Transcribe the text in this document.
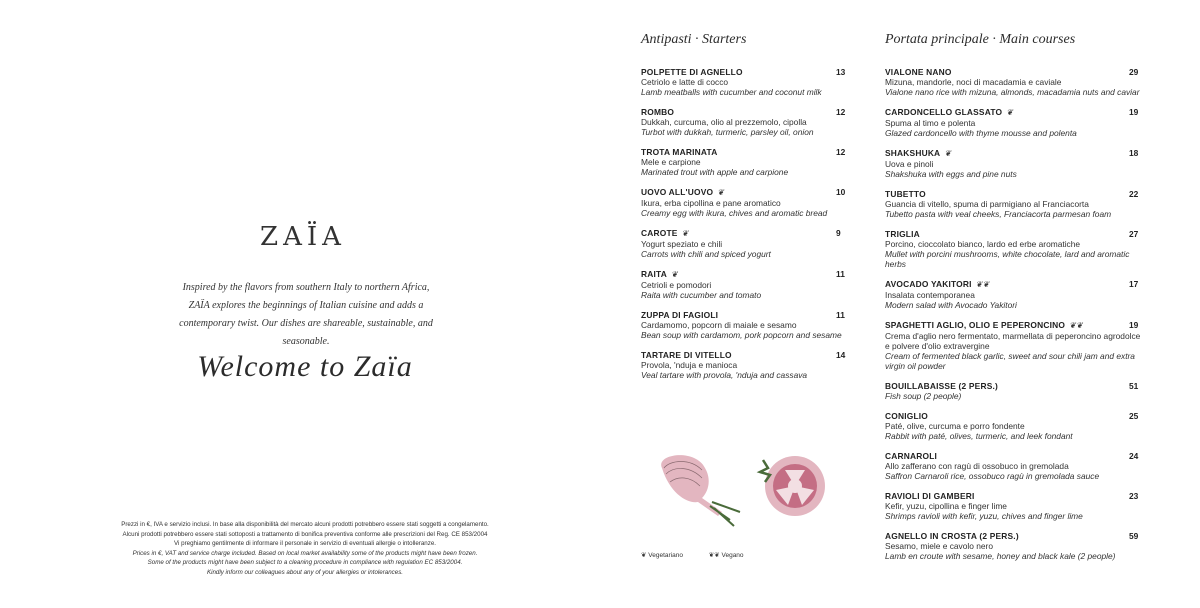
ZAÏA
Inspired by the flavors from southern Italy to northern Africa, ZAÏA explores the beginnings of Italian cuisine and adds a contemporary twist. Our dishes are shareable, sustainable, and seasonable.
Welcome to Zaïa
Prezzi in €, IVA e servizio inclusi. In base alla disponibilità del mercato alcuni prodotti potrebbero essere stati soggetti a congelamento.
Alcuni prodotti potrebbero essere stati sottoposti a trattamento di bonifica preventiva conforme alle prescrizioni del Reg. CE 853/2004
Vi preghiamo gentilmente di informare il personale in servizio di eventuali allergie o intolleranze.
Prices in €, VAT and service charge included. Based on local market availability some of the products might have been frozen.
Some of the products might have been subject to a cleaning procedure in compliance with regulation EC 853/2004.
Kindly inform our colleagues about any of your allergies or intolerances.
Antipasti · Starters
POLPETTE DI AGNELLO
Cetriolo e latte di cocco
Lamb meatballs with cucumber and coconut milk
13
ROMBO
Dukkah, curcuma, olio al prezzemolo, cipolla
Turbot with dukkah, turmeric, parsley oil, onion
12
TROTA MARINATA
Mele e carpione
Marinated trout with apple and carpione
12
UOVO ALL'UOVO ❦
Ikura, erba cipollina e pane aromatico
Creamy egg with ikura, chives and aromatic bread
10
CAROTE ❦
Yogurt speziato e chili
Carrots with chili and spiced yogurt
9
RAITA ❦
Cetrioli e pomodori
Raita with cucumber and tomato
11
ZUPPA DI FAGIOLI
Cardamomo, popcorn di maiale e sesamo
Bean soup with cardamom, pork popcorn and sesame
11
TARTARE DI VITELLO
Provola, 'nduja e manioca
Veal tartare with provola, 'nduja and cassava
14
Portata principale · Main courses
VIALONE NANO
Mizuna, mandorle, noci di macadamia e caviale
Vialone nano rice with mizuna, almonds, macadamia nuts and caviar
29
CARDONCELLO GLASSATO ❦
Spuma al timo e polenta
Glazed cardoncello with thyme mousse and polenta
19
SHAKSHUKA ❦
Uova e pinoli
Shakshuka with eggs and pine nuts
18
TUBETTO
Guancia di vitello, spuma di parmigiano al Franciacorta
Tubetto pasta with veal cheeks, Franciacorta parmesan foam
22
TRIGLIA
Porcino, cioccolato bianco, lardo ed erbe aromatiche
Mullet with porcini mushrooms, white chocolate, lard and aromatic herbs
27
AVOCADO YAKITORI ❦❦
Insalata contemporanea
Modern salad with Avocado Yakitori
17
SPAGHETTI AGLIO, OLIO E PEPERONCINO ❦❦
Crema d'aglio nero fermentato, marmellata di peperoncino agrodolce e polvere d'olio extravergine
Cream of fermented black garlic, sweet and sour chili jam and extra virgin oil powder
19
BOUILLABAISSE (2 PERS.)
Fish soup (2 people)
51
CONIGLIO
Paté, olive, curcuma e porro fondente
Rabbit with paté, olives, turmeric, and leek fondant
25
CARNAROLI
Allo zafferano con ragù di ossobuco in gremolada
Saffron Carnaroli rice, ossobuco ragù in gremolada sauce
24
RAVIOLI DI GAMBERI
Kefir, yuzu, cipollina e finger lime
Shrimps ravioli with kefir, yuzu, chives and finger lime
23
AGNELLO IN CROSTA (2 PERS.)
Sesamo, miele e cavolo nero
Lamb en croute with sesame, honey and black kale (2 people)
59
❦ Vegetariano	❦❦ Vegano
